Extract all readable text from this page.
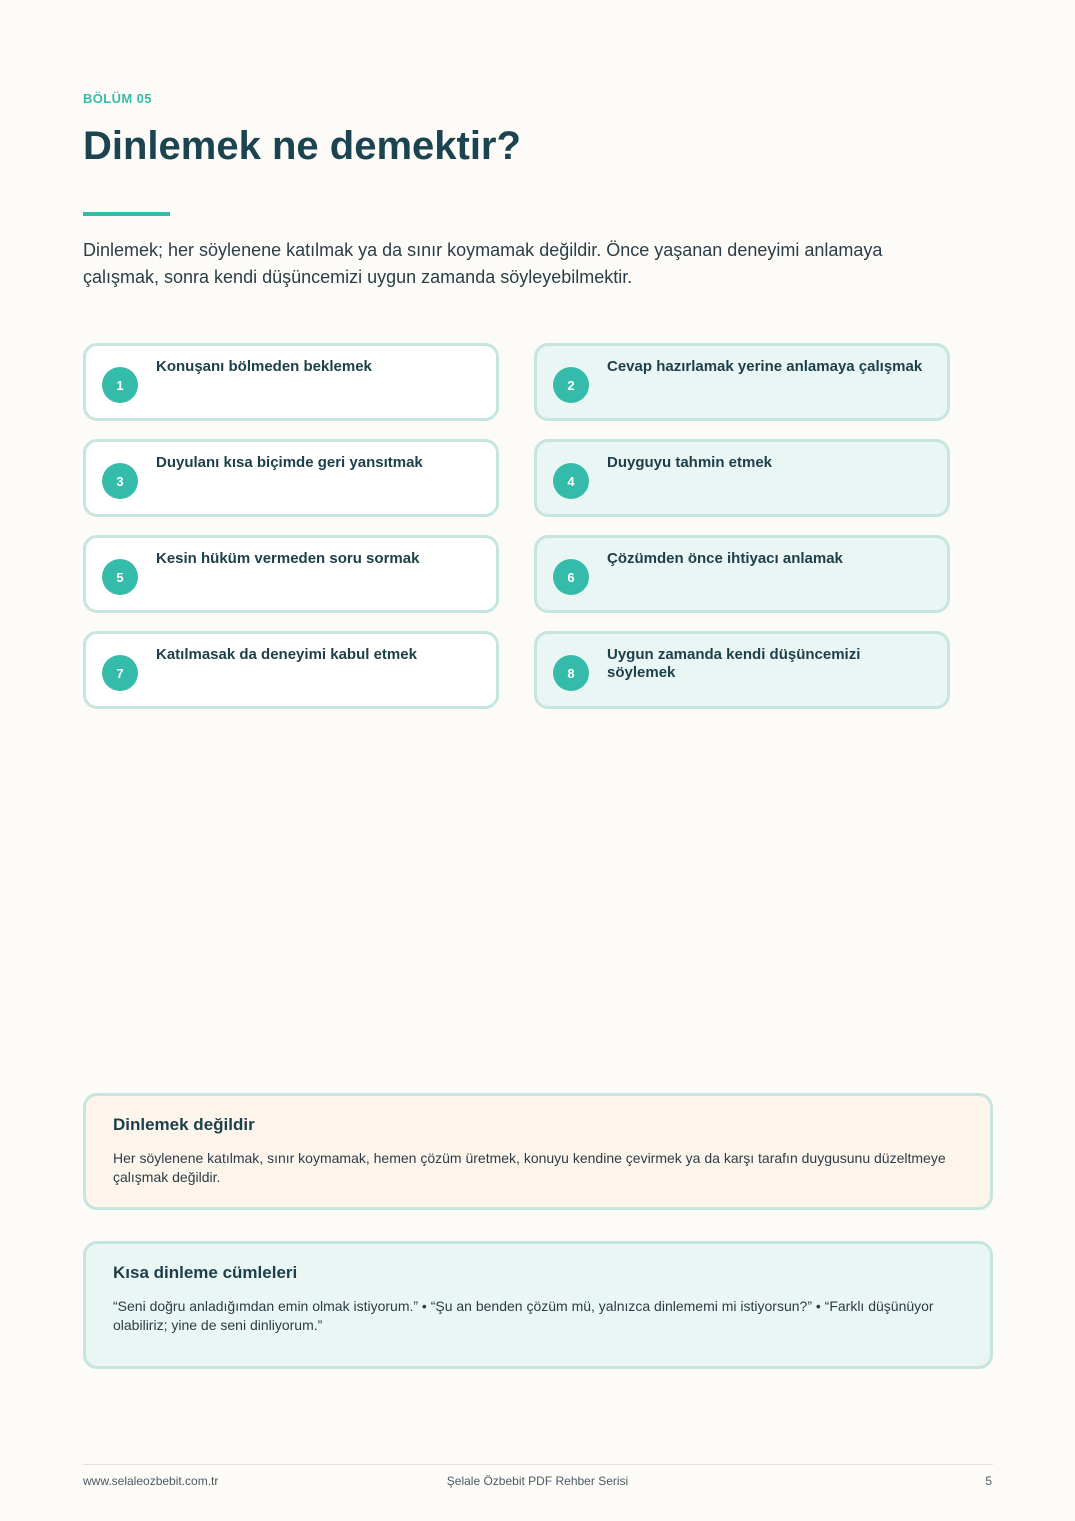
BÖLÜM 05
Dinlemek ne demektir?

Dinlemek; her söylenene katılmak ya da sınır koymamak değildir. Önce yaşanan deneyimi anlamaya çalışmak, sonra kendi düşüncemizi uygun zamanda söyleyebilmektir.

1
Konuşanı bölmeden beklemek
2
Cevap hazırlamak yerine anlamaya çalışmak
3
Duyulanı kısa biçimde geri yansıtmak
4
Duyguyu tahmin etmek
5
Kesin hüküm vermeden soru sormak
6
Çözümden önce ihtiyacı anlamak
7
Katılmasak da deneyimi kabul etmek
8
Uygun zamanda kendi düşüncemizi söylemek
Dinlemek değildir

Her söylenene katılmak, sınır koymamak, hemen çözüm üretmek, konuyu kendine çevirmek ya da karşı tarafın duygusunu düzeltmeye çalışmak değildir.

Kısa dinleme cümleleri

“Seni doğru anladığımdan emin olmak istiyorum.” • “Şu an benden çözüm mü, yalnızca dinlememi mi istiyorsun?” • “Farklı düşünüyor olabiliriz; yine de seni dinliyorum.”

www.selaleozbebit.com.tr	Şelale Özbebit PDF Rehber Serisi	5
